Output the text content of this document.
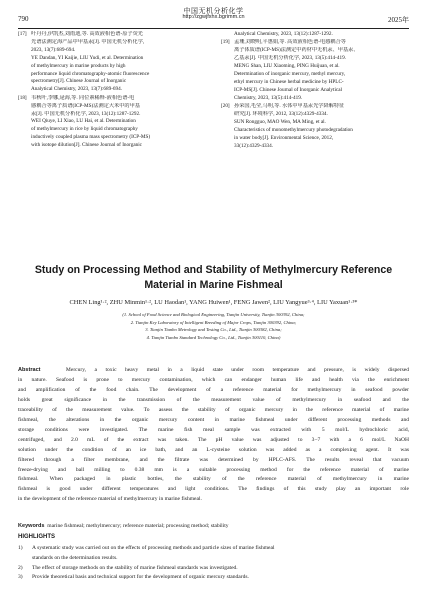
790
中国无机分析化学
http://zgwjfxhx.bgrimm.cn	2025年
[17] 叶丹丹,伊凯杰,刘雨迪,等. 高效液相色谱-原子荧光
光谱法测定海产品中甲基汞[J]. 中国无机分析化学,
2023, 13(7):689-694.
YE Dandan, YI Kaijie, LIU Yudi, et al. Determination
of methylmercury in marine products by high
performance liquid chromatography-atomic fluorescence
spectrometry[J]. Chinese Journal of Inorganic
Analytical Chemistry, 2023, 13(7):689-694.
[18] 韦秋叶,李娜,逯海,等. 同位素稀释-液相色谱-电
感耦合等离子质谱(ICP-MS)法测定大米中的甲基
汞[J]. 中国无机分析化学, 2023, 13(12):1287-1292.
WEI Qiuye, LI Xiao, LU Hai, et al. Determination
of methylmercury in rice by liquid chromatography
inductively coupled plasma mass spectrometry (ICP-MS)
with isotope dilution[J]. Chinese Journal of Inorganic
Analytical Chemistry, 2023, 13(12):1287-1292.
[19] 孟珊,刘晓明,平惠娟,等. 高效液相色谱-电感耦合等
离子体质谱(ICP-MS)法测定中药材中无机汞、甲基汞、
乙基汞[J]. 中国无机分析化学, 2023, 13(5):414-419.
MENG Shan, LIU Xiaoming, PING Huijuan, et al.
Determination of inorganic mercury, methyl mercury,
ethyl mercury in Chinese herbal medicine by HPLC-
ICP-MS[J]. Chinese Journal of Inorganic Analytical
Chemistry, 2023, 13(5):414-419.
[20] 孙荣国,毛莹,马明,等. 水体中甲基汞光学降解特征
研究[J]. 环境科学, 2012, 33(12):4329-4334.
SUN Rongguo, MAO Wen, MA Ming, et al.
Characteristics of monomethylmercury photodegradation
in water body[J]. Environmental Science, 2012,
33(12):4329-4334.
Study on Processing Method and Stability of Methylmercury Reference
Material in Marine Fishmeal
CHEN Ling¹·², ZHU Minmin¹·², LU Haodan¹, YANG Huiwen¹, FENG Jawen², LIU Yangyue³·⁴, LIU Yaxuan¹·³*
(1. School of Food Science and Biological Engineering, Tianjin University, Tianjin 300392, China;
2. Tianjin Key Laboratory of Intelligent Breeding of Major Crops, Tianjin 300392, China;
3. Tianjin Tianbo Metrology and Testing Co., Ltd., Tianjin 300382, China;
4. Tianjin Tianbo Standard Technology Co., Ltd., Tianjin 300110, China)
Abstract	Mercury, a toxic heavy metal in a liquid state under room temperature and pressure, is widely dispersed
in nature. Seafood is prone to mercury contamination, which can endanger human life and health via the enrichment
and amplification of the food chain. The development of a reference material for methylmercury in seafood powder
holds great significance in the transmission of the measurement value of methylmercury in seafood and the
traceability of the measurement value. To assess the stability of organic mercury in the reference material of marine
fishmeal, the alterations in the organic mercury content in marine fishmeal under different processing methods and
storage conditions were investigated. The marine fish meal sample was extracted with 5 mol/L hydrochloric acid,
centrifuged, and 2.0 mL of the extract was taken. The pH value was adjusted to 3−7 with a 6 mol/L NaOH
solution under the condition of an ice bath, and an L-cysteine solution was added as a complexing agent. It was
filtered through a filter membrane, and the filtrate was determined by HPLC-AFS. The results reveal that vacuum
freeze-drying and ball milling to 0.38 mm is a suitable processing method for the reference material of marine
fishmeal. When packaged in plastic bottles, the stability of the reference material of methylmercury in marine
fishmeal is good under different temperatures and light conditions. The findings of this study play an important role
in the development of the reference material of methylmercury in marine fishmeal.
Keywords marine fishmeal; methylmercury; reference material; processing method; stability
HIGHLIGHTS
1) A systematic study was carried out on the effects of processing methods and particle sizes of marine fishmeal
standards on the determination results.
2) The effect of storage methods on the stability of marine fishmeal standards was investigated.
3) Provide theoretical basis and technical support for the development of organic mercury standards.
